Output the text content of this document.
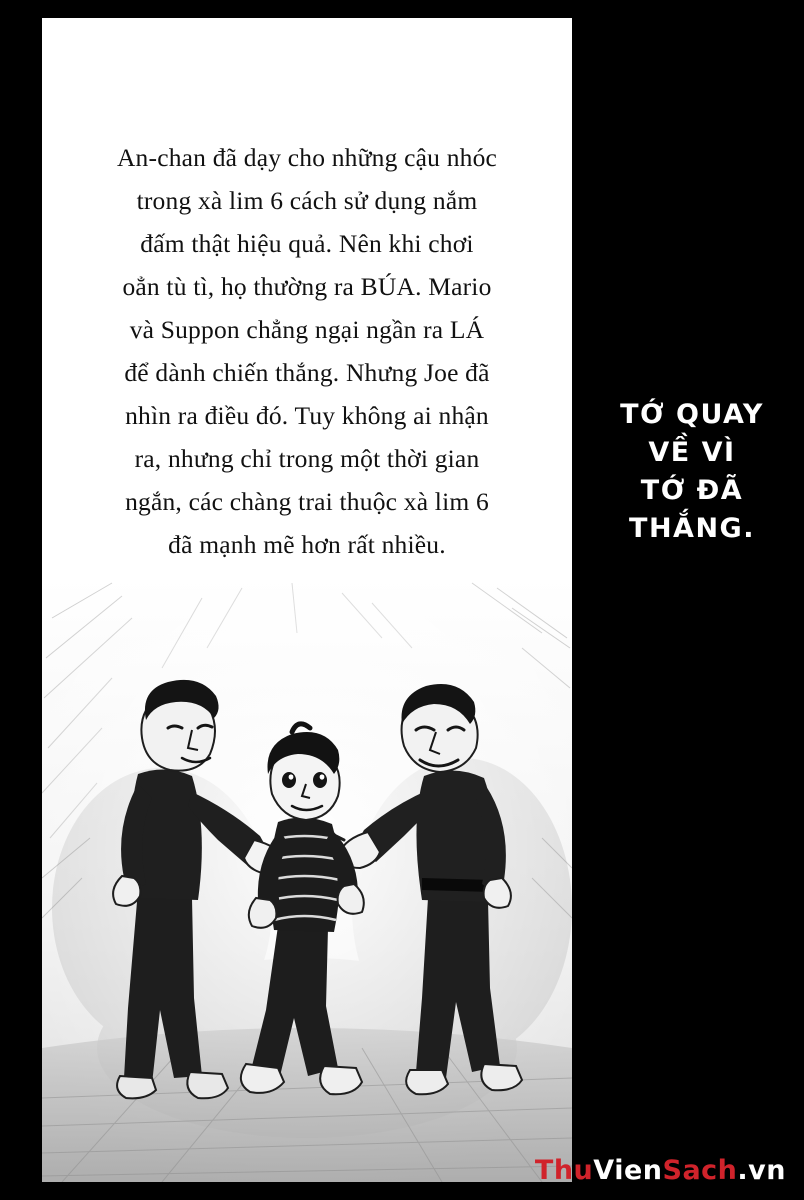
An-chan đã dạy cho những cậu nhóc
trong xà lim 6 cách sử dụng nắm
đấm thật hiệu quả. Nên khi chơi
oẳn tù tì, họ thường ra BÚA. Mario
và Suppon chẳng ngại ngần ra LÁ
để dành chiến thắng. Nhưng Joe đã
nhìn ra điều đó. Tuy không ai nhận
ra, nhưng chỉ trong một thời gian
ngắn, các chàng trai thuộc xà lim 6
đã mạnh mẽ hơn rất nhiều.
TỚ QUAY
VỀ VÌ
TỚ ĐÃ
THẮNG.
ThuVienSach.vn
